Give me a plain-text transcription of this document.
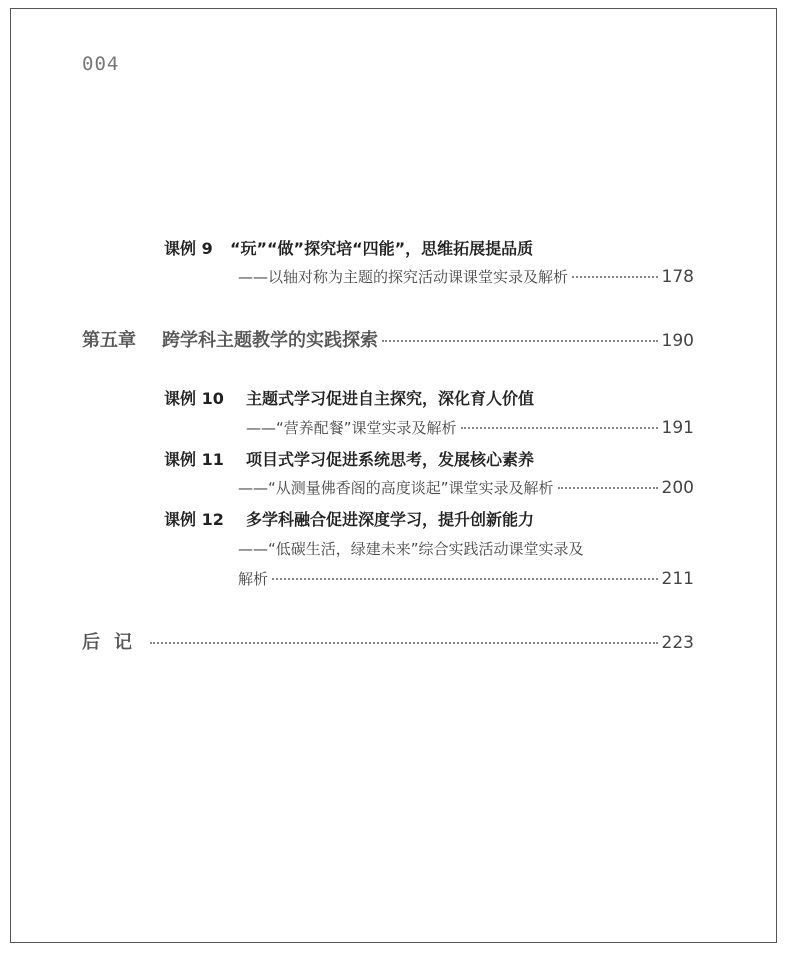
004
课例 9	“玩”“做”探究培“四能”，思维拓展提品质
——以轴对称为主题的探究活动课课堂实录及解析	178
第五章 跨学科主题教学的实践探索	190
课例 10	主题式学习促进自主探究，深化育人价值
——“营养配餐”课堂实录及解析	191
课例 11	项目式学习促进系统思考，发展核心素养
——“从测量佛香阁的高度谈起”课堂实录及解析	200
课例 12	多学科融合促进深度学习，提升创新能力
——“低碳生活，绿建未来”综合实践活动课堂实录及
解析	211
后记	223
